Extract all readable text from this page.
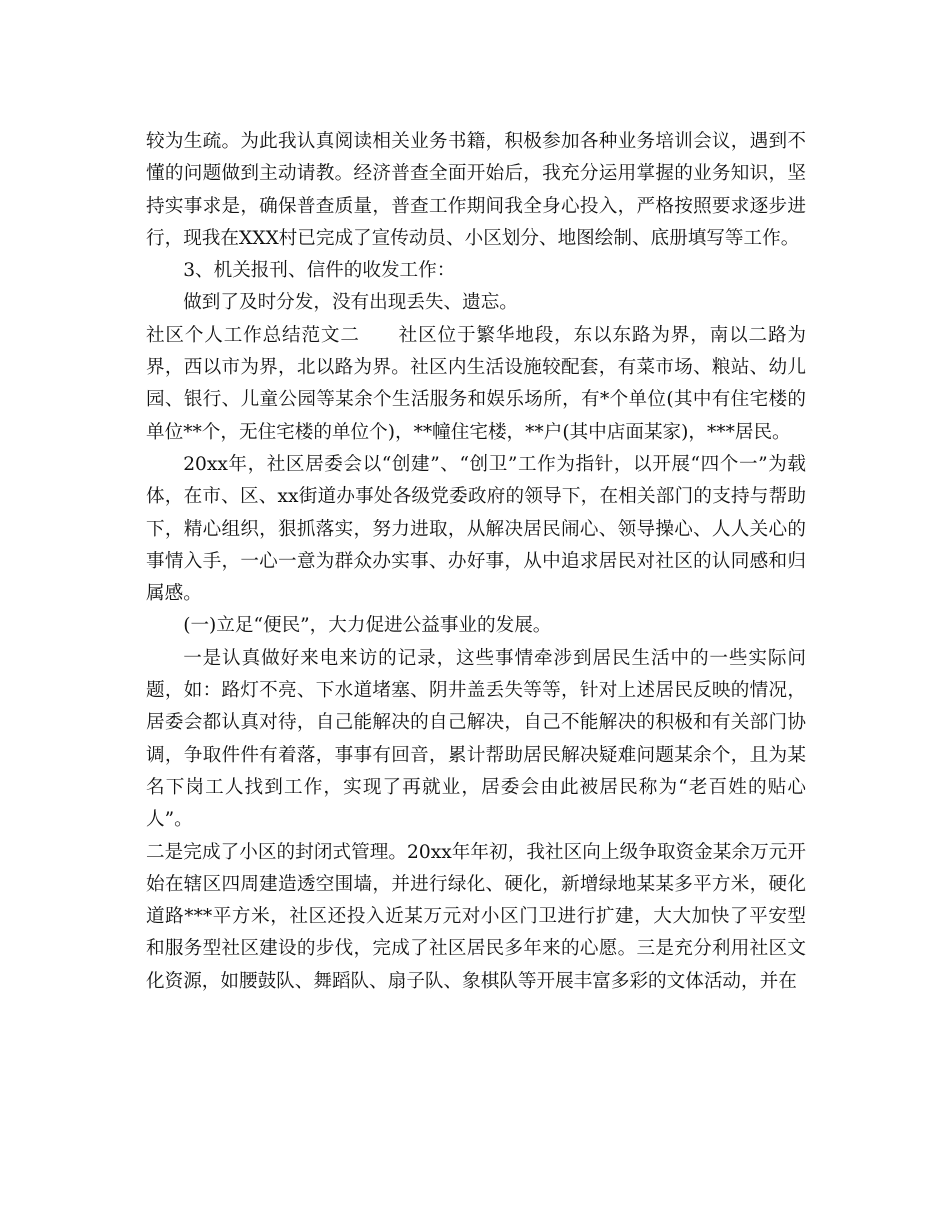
较为生疏。为此我认真阅读相关业务书籍，积极参加各种业务培训会议，遇到不懂的问题做到主动请教。经济普查全面开始后，我充分运用掌握的业务知识，坚持实事求是，确保普查质量，普查工作期间我全身心投入，严格按照要求逐步进行，现我在XXX村已完成了宣传动员、小区划分、地图绘制、底册填写等工作。

3、机关报刊、信件的收发工作：

做到了及时分发，没有出现丢失、遗忘。

社区个人工作总结范文二　　社区位于繁华地段，东以东路为界，南以二路为界，西以市为界，北以路为界。社区内生活设施较配套，有菜市场、粮站、幼儿园、银行、儿童公园等某余个生活服务和娱乐场所，有*个单位(其中有住宅楼的单位**个，无住宅楼的单位个)，**幢住宅楼，**户(其中店面某家)，***居民。

20xx年，社区居委会以“创建”、“创卫”工作为指针，以开展“四个一”为载体，在市、区、xx街道办事处各级党委政府的领导下，在相关部门的支持与帮助下，精心组织，狠抓落实，努力进取，从解决居民闹心、领导操心、人人关心的事情入手，一心一意为群众办实事、办好事，从中追求居民对社区的认同感和归属感。

(一)立足“便民”，大力促进公益事业的发展。

一是认真做好来电来访的记录，这些事情牵涉到居民生活中的一些实际问题，如：路灯不亮、下水道堵塞、阴井盖丢失等等，针对上述居民反映的情况，居委会都认真对待，自己能解决的自己解决，自己不能解决的积极和有关部门协调，争取件件有着落，事事有回音，累计帮助居民解决疑难问题某余个，且为某名下岗工人找到工作，实现了再就业，居委会由此被居民称为“老百姓的贴心人”。

二是完成了小区的封闭式管理。20xx年年初，我社区向上级争取资金某余万元开始在辖区四周建造透空围墙，并进行绿化、硬化，新增绿地某某多平方米，硬化道路***平方米，社区还投入近某万元对小区门卫进行扩建，大大加快了平安型和服务型社区建设的步伐，完成了社区居民多年来的心愿。三是充分利用社区文化资源，如腰鼓队、舞蹈队、扇子队、象棋队等开展丰富多彩的文体活动，并在
